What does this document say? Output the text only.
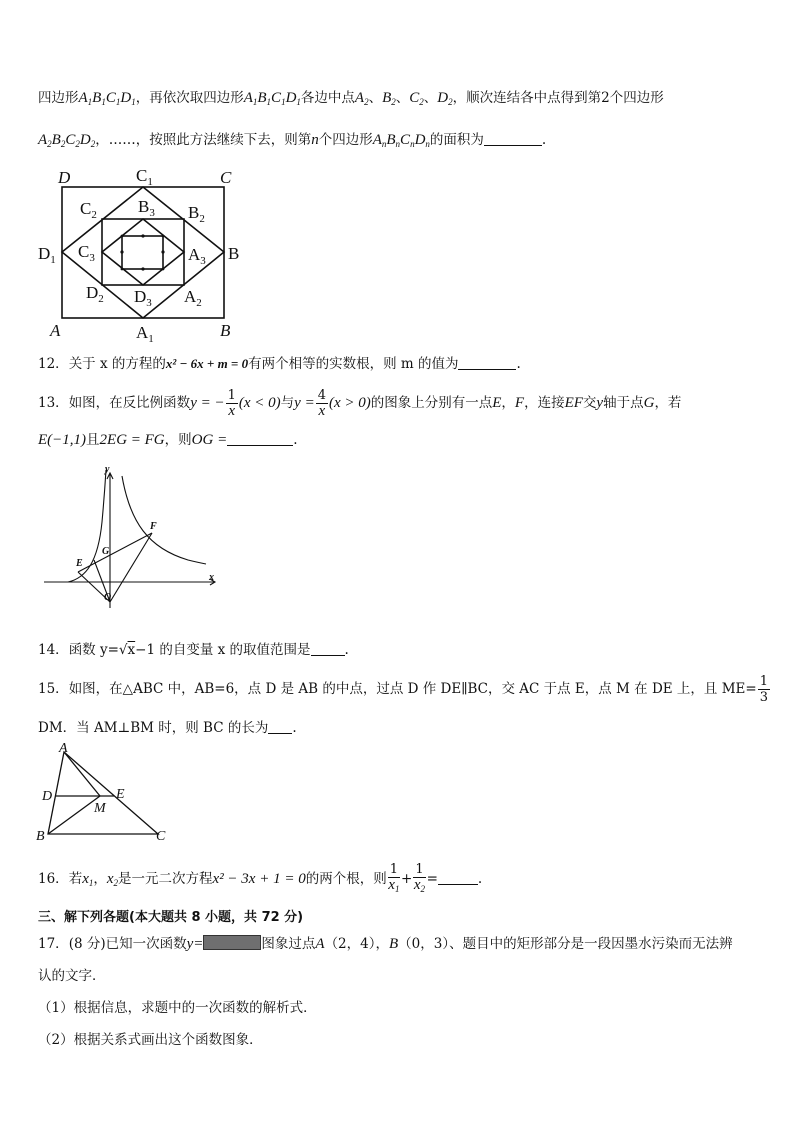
四边形$A_1B_1C_1D_1$，再依次取四边形$A_1B_1C_1D_1$各边中点$A_2$、$B_2$、$C_2$、$D_2$，顺次连结各中点得到第2个四边形
$A_2B_2C_2D_2$，……，按照此方法继续下去，则第n个四边形$A_nB_nC_nD_n$的面积为	.
D	C
A	B
$C_1$
$D_1$	B
$A_1$
$C_2$ $B_3$ $B_2$
$C_3$	$A_3$
$D_2$ $D_3$ $A_2$
12．关于 x 的方程的x² − 6x + m = 0有两个相等的实数根，则 m 的值为	.
13．如图，在反比例函数y = − $\frac{1}{x} (x < 0)$与$y = \frac{4}{x} (x > 0)$的图象上分别有一点E，F，连接EF交y轴于点G，若
E(−1,1)且2EG = FG，则OG =	.
y
x
O
E
F
G
14．函数 y=√x−1 的自变量 x 的取值范围是	.
15．如图，在△ABC 中，AB=6，点 D 是 AB 的中点，过点 D 作 DE∥BC，交 AC 于点 E，点 M 在 DE 上，且 $ME= \frac{1}{3}$
DM．当 AM⊥BM 时，则 BC 的长为 .
A
D	E
M
B	C
16．若$x_1$，$x_2$是一元二次方程x² − 3x + 1 = 0的两个根，则 $\frac{1}{x_1} + \frac{1}{x_2}$ =	.
三、解下列各题(本大题共 8 小题，共 72 分)
17．(8 分)已知一次函数y=	图象过点A（2，4），B（0，3）、题目中的矩形部分是一段因墨水污染而无法辨
认的文字．
（1）根据信息，求题中的一次函数的解析式．
（2）根据关系式画出这个函数图象．
